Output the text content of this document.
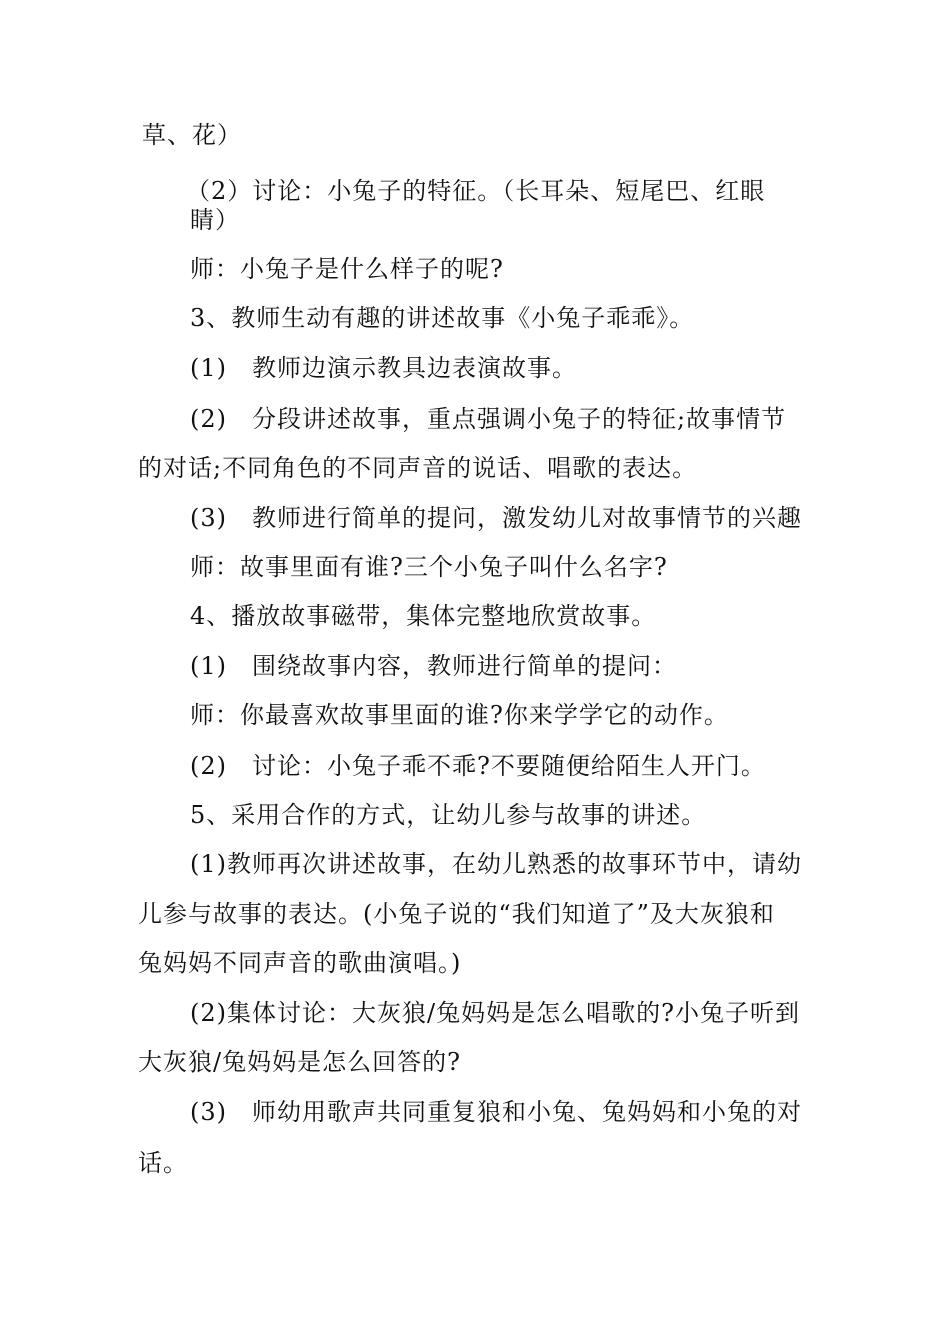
草、花）
（2）讨论：小兔子的特征。（长耳朵、短尾巴、红眼
睛）
师：小兔子是什么样子的呢?
3、教师生动有趣的讲述故事《小兔子乖乖》。
(1)　教师边演示教具边表演故事。
(2)　分段讲述故事，重点强调小兔子的特征;故事情节
的对话;不同角色的不同声音的说话、唱歌的表达。
(3)　教师进行简单的提问，激发幼儿对故事情节的兴趣
师：故事里面有谁?三个小兔子叫什么名字?
4、播放故事磁带，集体完整地欣赏故事。
(1)　围绕故事内容，教师进行简单的提问：
师：你最喜欢故事里面的谁?你来学学它的动作。
(2)　讨论：小兔子乖不乖?不要随便给陌生人开门。
5、采用合作的方式，让幼儿参与故事的讲述。
(1)教师再次讲述故事，在幼儿熟悉的故事环节中，请幼
儿参与故事的表达。(小兔子说的“我们知道了”及大灰狼和
兔妈妈不同声音的歌曲演唱。)
(2)集体讨论：大灰狼/兔妈妈是怎么唱歌的?小兔子听到
大灰狼/兔妈妈是怎么回答的?
(3)　师幼用歌声共同重复狼和小兔、兔妈妈和小兔的对
话。
